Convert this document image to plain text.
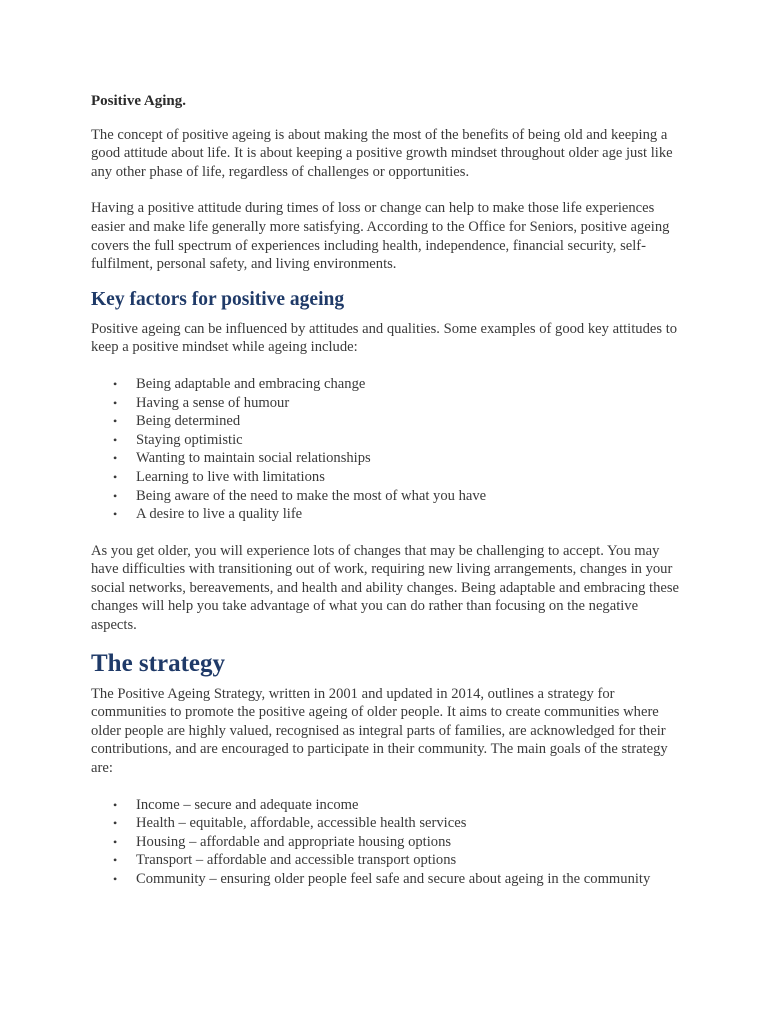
Positive Aging.

The concept of positive ageing is about making the most of the benefits of being old and keeping a good attitude about life. It is about keeping a positive growth mindset throughout older age just like any other phase of life, regardless of challenges or opportunities.

Having a positive attitude during times of loss or change can help to make those life experiences easier and make life generally more satisfying. According to the Office for Seniors, positive ageing covers the full spectrum of experiences including health, independence, financial security, self-fulfilment, personal safety, and living environments.

Key factors for positive ageing

Positive ageing can be influenced by attitudes and qualities. Some examples of good key attitudes to keep a positive mindset while ageing include:

• Being adaptable and embracing change
• Having a sense of humour
• Being determined
• Staying optimistic
• Wanting to maintain social relationships
• Learning to live with limitations
• Being aware of the need to make the most of what you have
• A desire to live a quality life

As you get older, you will experience lots of changes that may be challenging to accept. You may have difficulties with transitioning out of work, requiring new living arrangements, changes in your social networks, bereavements, and health and ability changes. Being adaptable and embracing these changes will help you take advantage of what you can do rather than focusing on the negative aspects.

The strategy

The Positive Ageing Strategy, written in 2001 and updated in 2014, outlines a strategy for communities to promote the positive ageing of older people. It aims to create communities where older people are highly valued, recognised as integral parts of families, are acknowledged for their contributions, and are encouraged to participate in their community. The main goals of the strategy are:

• Income – secure and adequate income
• Health – equitable, affordable, accessible health services
• Housing – affordable and appropriate housing options
• Transport – affordable and accessible transport options
• Community – ensuring older people feel safe and secure about ageing in the community
